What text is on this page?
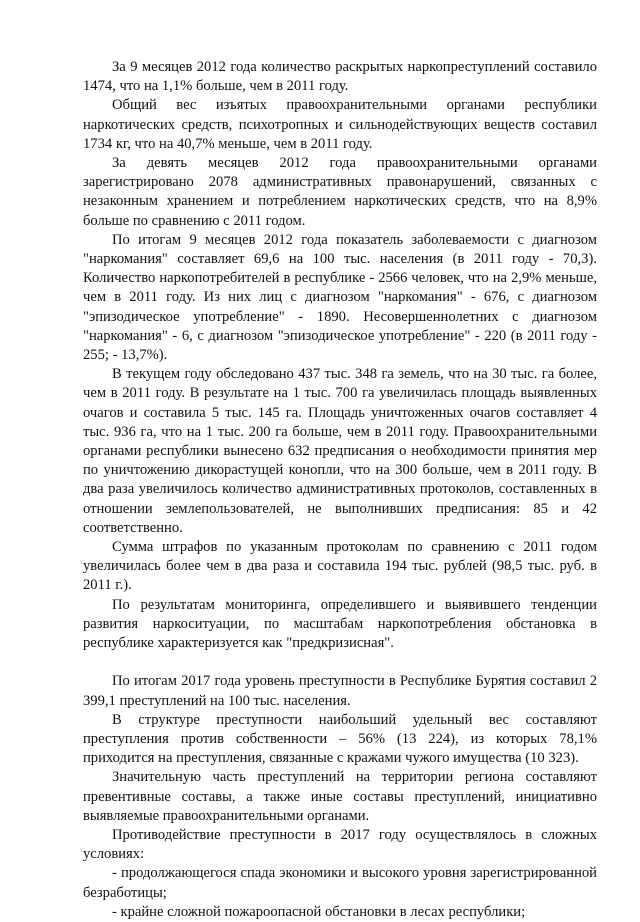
За 9 месяцев 2012 года количество раскрытых наркопреступлений составило 1474, что на 1,1% больше, чем в 2011 году.

Общий вес изъятых правоохранительными органами республики наркотических средств, психотропных и сильнодействующих веществ составил 1734 кг, что на 40,7% меньше, чем в 2011 году.

За девять месяцев 2012 года правоохранительными органами зарегистрировано 2078 административных правонарушений, связанных с незаконным хранением и потреблением наркотических средств, что на 8,9% больше по сравнению с 2011 годом.

По итогам 9 месяцев 2012 года показатель заболеваемости с диагнозом "наркомания" составляет 69,6 на 100 тыс. населения (в 2011 году - 70,3). Количество наркопотребителей в республике - 2566 человек, что на 2,9% меньше, чем в 2011 году. Из них лиц с диагнозом "наркомания" - 676, с диагнозом "эпизодическое употребление" - 1890. Несовершеннолетних с диагнозом "наркомания" - 6, с диагнозом "эпизодическое употребление" - 220 (в 2011 году - 255; - 13,7%).

В текущем году обследовано 437 тыс. 348 га земель, что на 30 тыс. га более, чем в 2011 году. В результате на 1 тыс. 700 га увеличилась площадь выявленных очагов и составила 5 тыс. 145 га. Площадь уничтоженных очагов составляет 4 тыс. 936 га, что на 1 тыс. 200 га больше, чем в 2011 году. Правоохранительными органами республики вынесено 632 предписания о необходимости принятия мер по уничтожению дикорастущей конопли, что на 300 больше, чем в 2011 году. В два раза увеличилось количество административных протоколов, составленных в отношении землепользователей, не выполнивших предписания: 85 и 42 соответственно.

Сумма штрафов по указанным протоколам по сравнению с 2011 годом увеличилась более чем в два раза и составила 194 тыс. рублей (98,5 тыс. руб. в 2011 г.).

По результатам мониторинга, определившего и выявившего тенденции развития наркоситуации, по масштабам наркопотребления обстановка в республике характеризуется как "предкризисная".

По итогам 2017 года уровень преступности в Республике Бурятия составил 2 399,1 преступлений на 100 тыс. населения.

В структуре преступности наибольший удельный вес составляют преступления против собственности – 56% (13 224), из которых 78,1% приходится на преступления, связанные с кражами чужого имущества (10 323).

Значительную часть преступлений на территории региона составляют превентивные составы, а также иные составы преступлений, инициативно выявляемые правоохранительными органами.

Противодействие преступности в 2017 году осуществлялось в сложных условиях:

- продолжающегося спада экономики и высокого уровня зарегистрированной безработицы;

- крайне сложной пожароопасной обстановки в лесах республики;
